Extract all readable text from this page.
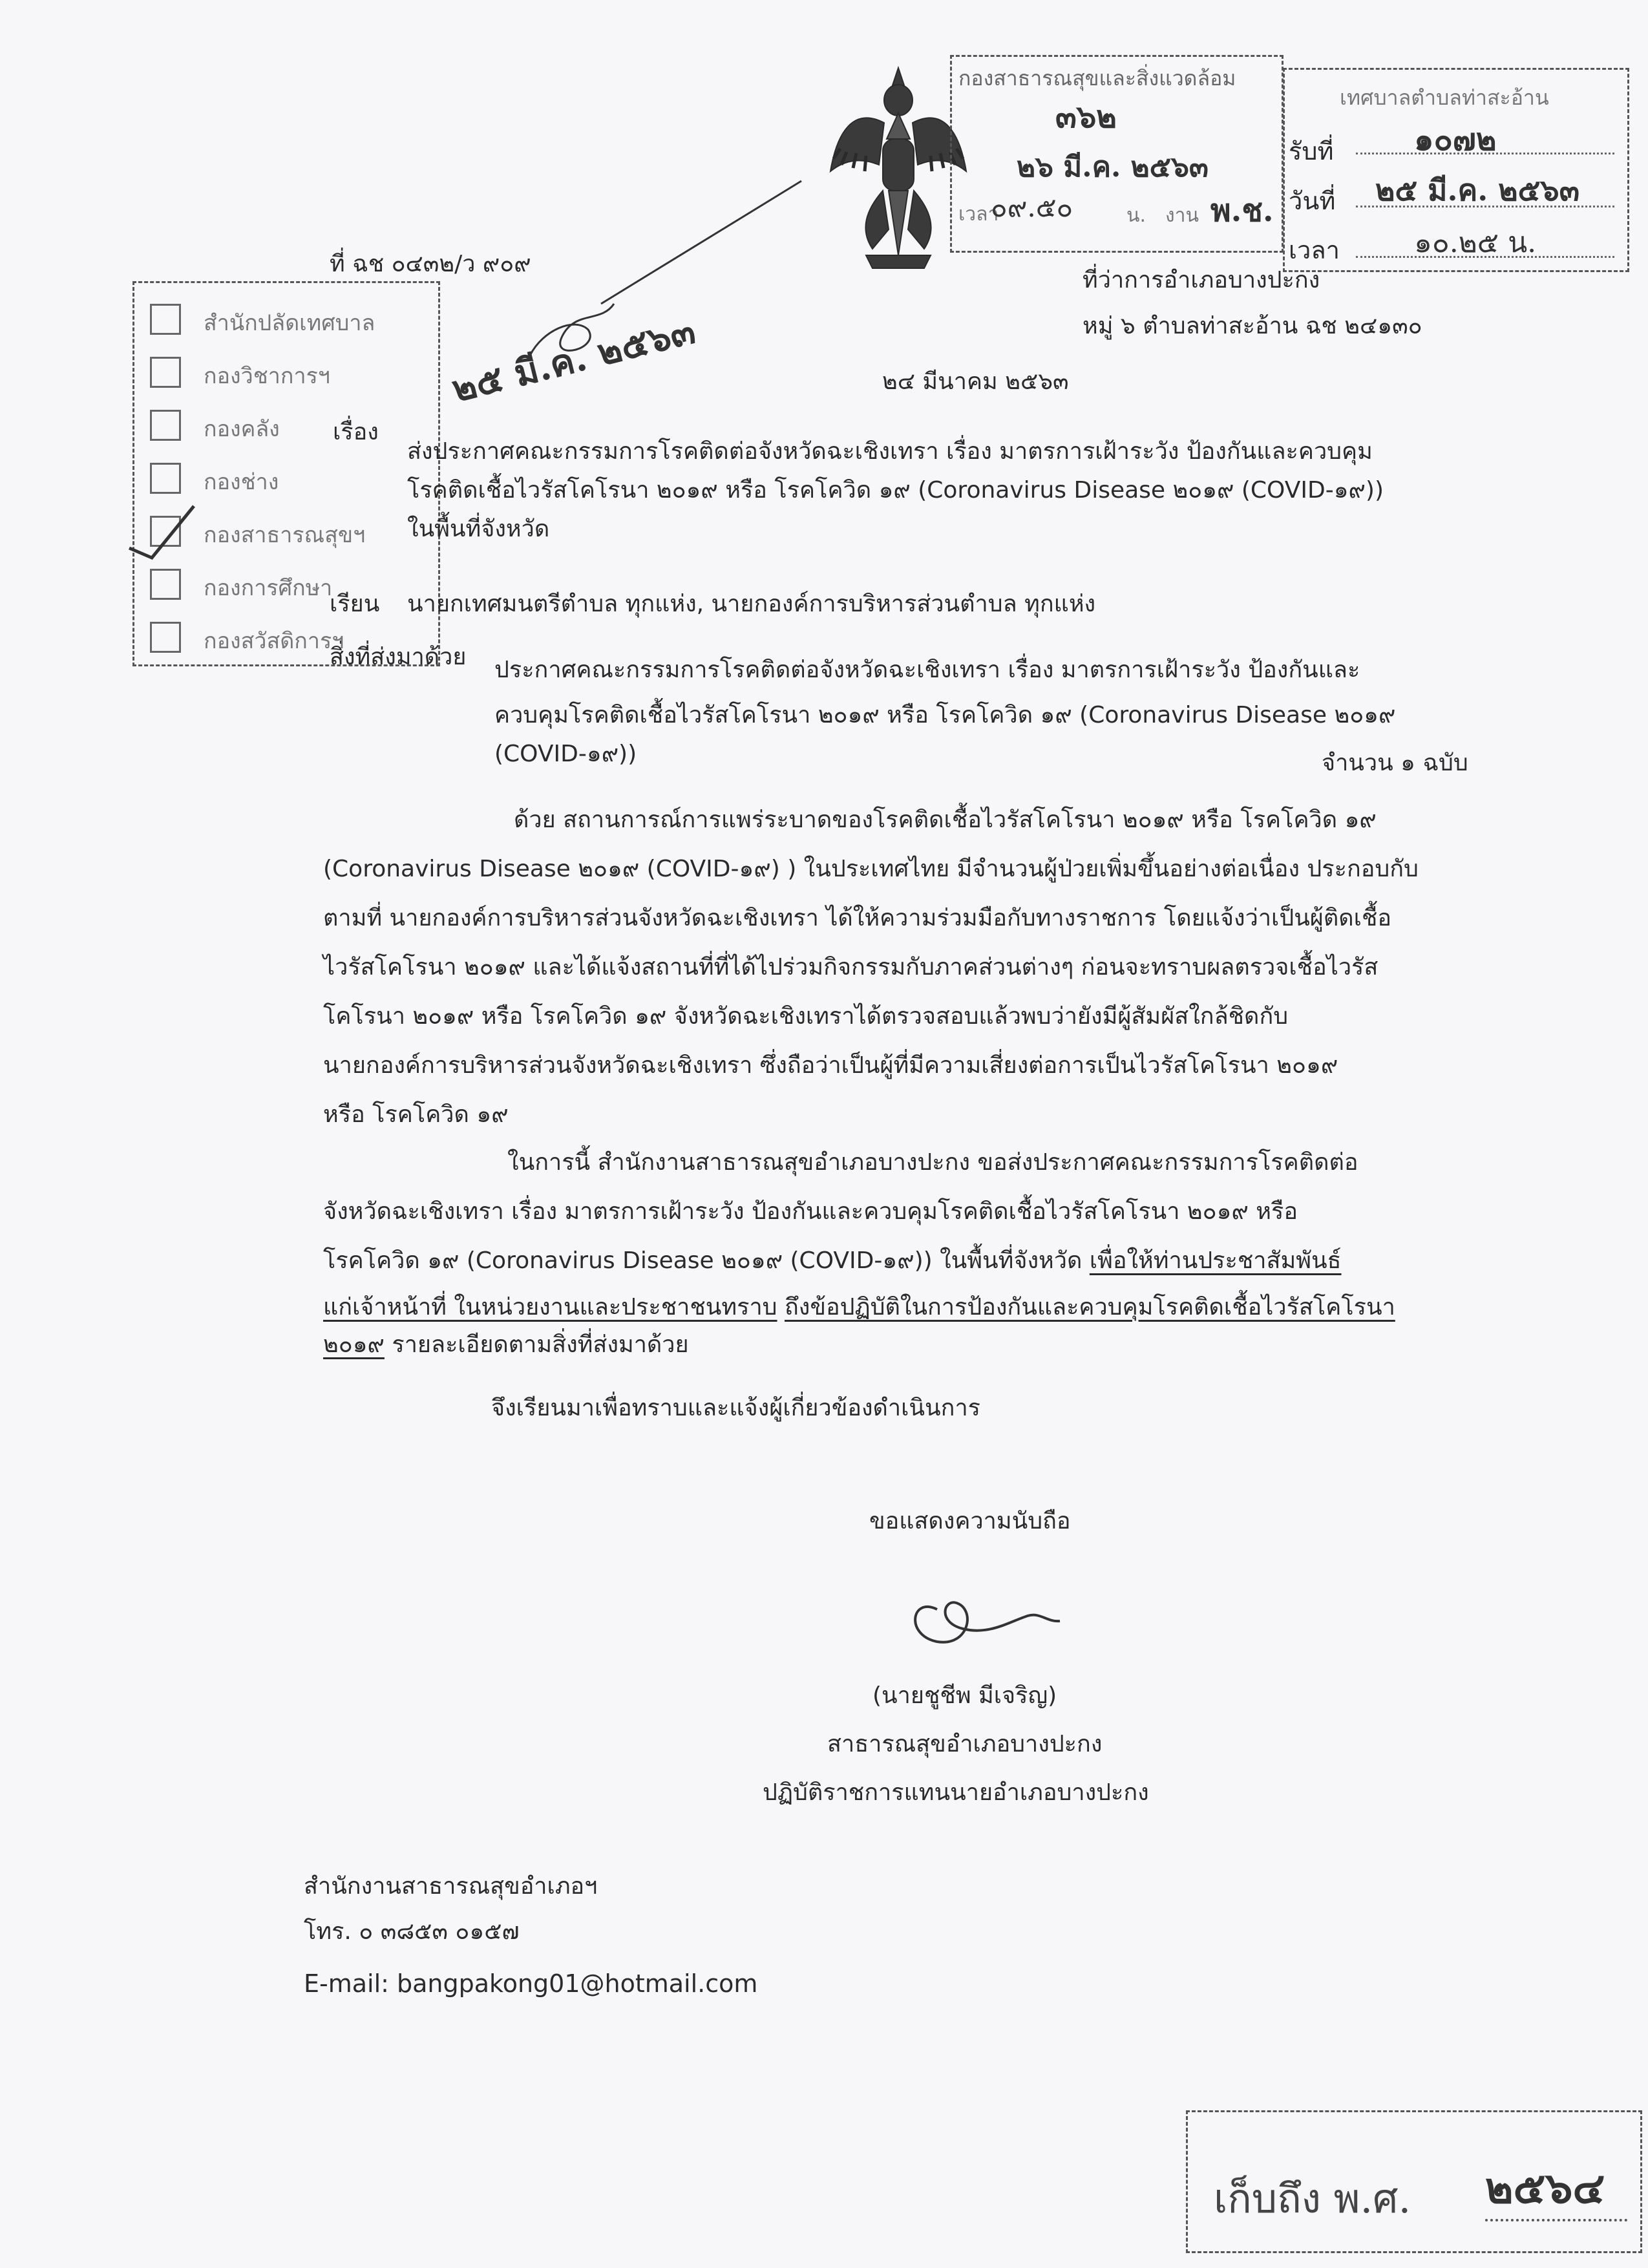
กองสาธารณสุขและสิ่งแวดล้อม
๓๖๒
๒๖ มี.ค. ๒๕๖๓
เวลา
๐๙.๕๐	น. งาน พ.ช.
เทศบาลตำบลท่าสะอ้าน
รับที่	๑๐๗๒
วันที่ ๒๕ มี.ค. ๒๕๖๓
เวลา	๑๐.๒๕ น.
๒๕ มี.ค. ๒๕๖๓
ที่ ฉช ๐๔๓๒/ว ๙๐๙
ที่ว่าการอำเภอบางปะกง
หมู่ ๖ ตำบลท่าสะอ้าน ฉช ๒๔๑๓๐
๒๔ มีนาคม ๒๕๖๓
เรื่อง
ส่งประกาศคณะกรรมการโรคติดต่อจังหวัดฉะเชิงเทรา เรื่อง มาตรการเฝ้าระวัง ป้องกันและควบคุม
โรคติดเชื้อไวรัสโคโรนา ๒๐๑๙ หรือ โรคโควิด ๑๙ (Coronavirus Disease ๒๐๑๙ (COVID-๑๙))
ในพื้นที่จังหวัด
เรียน นายกเทศมนตรีตำบล ทุกแห่ง, นายกองค์การบริหารส่วนตำบล ทุกแห่ง
สิ่งที่ส่งมาด้วย ประกาศคณะกรรมการโรคติดต่อจังหวัดฉะเชิงเทรา เรื่อง มาตรการเฝ้าระวัง ป้องกันและ
ควบคุมโรคติดเชื้อไวรัสโคโรนา ๒๐๑๙ หรือ โรคโควิด ๑๙ (Coronavirus Disease ๒๐๑๙
(COVID-๑๙))	จำนวน ๑ ฉบับ
ด้วย สถานการณ์การแพร่ระบาดของโรคติดเชื้อไวรัสโคโรนา ๒๐๑๙ หรือ โรคโควิด ๑๙
(Coronavirus Disease ๒๐๑๙ (COVID-๑๙) ) ในประเทศไทย มีจำนวนผู้ป่วยเพิ่มขึ้นอย่างต่อเนื่อง ประกอบกับ
ตามที่ นายกองค์การบริหารส่วนจังหวัดฉะเชิงเทรา ได้ให้ความร่วมมือกับทางราชการ โดยแจ้งว่าเป็นผู้ติดเชื้อ
ไวรัสโคโรนา ๒๐๑๙ และได้แจ้งสถานที่ที่ได้ไปร่วมกิจกรรมกับภาคส่วนต่างๆ ก่อนจะทราบผลตรวจเชื้อไวรัส
โคโรนา ๒๐๑๙ หรือ โรคโควิด ๑๙ จังหวัดฉะเชิงเทราได้ตรวจสอบแล้วพบว่ายังมีผู้สัมผัสใกล้ชิดกับ
นายกองค์การบริหารส่วนจังหวัดฉะเชิงเทรา ซึ่งถือว่าเป็นผู้ที่มีความเสี่ยงต่อการเป็นไวรัสโคโรนา ๒๐๑๙
หรือ โรคโควิด ๑๙
ในการนี้ สำนักงานสาธารณสุขอำเภอบางปะกง ขอส่งประกาศคณะกรรมการโรคติดต่อ
จังหวัดฉะเชิงเทรา เรื่อง มาตรการเฝ้าระวัง ป้องกันและควบคุมโรคติดเชื้อไวรัสโคโรนา ๒๐๑๙ หรือ
โรคโควิด ๑๙ (Coronavirus Disease ๒๐๑๙ (COVID-๑๙)) ในพื้นที่จังหวัด เพื่อให้ท่านประชาสัมพันธ์
แก่เจ้าหน้าที่ ในหน่วยงานและประชาชนทราบ ถึงข้อปฏิบัติในการป้องกันและควบคุมโรคติดเชื้อไวรัสโคโรนา
๒๐๑๙ รายละเอียดตามสิ่งที่ส่งมาด้วย
จึงเรียนมาเพื่อทราบและแจ้งผู้เกี่ยวข้องดำเนินการ
ขอแสดงความนับถือ
(นายชูชีพ มีเจริญ)
สาธารณสุขอำเภอบางปะกง
ปฏิบัติราชการแทนนายอำเภอบางปะกง
สำนักงานสาธารณสุขอำเภอฯ
โทร. ๐ ๓๘๕๓ ๐๑๕๗
E-mail: bangpakong01@hotmail.com
เก็บถึง พ.ศ. ๒๕๖๔
สำนักปลัดเทศบาล
กองวิชาการฯ
กองคลัง
กองช่าง
กองสาธารณสุขฯ
กองการศึกษา
กองสวัสดิการฯ
